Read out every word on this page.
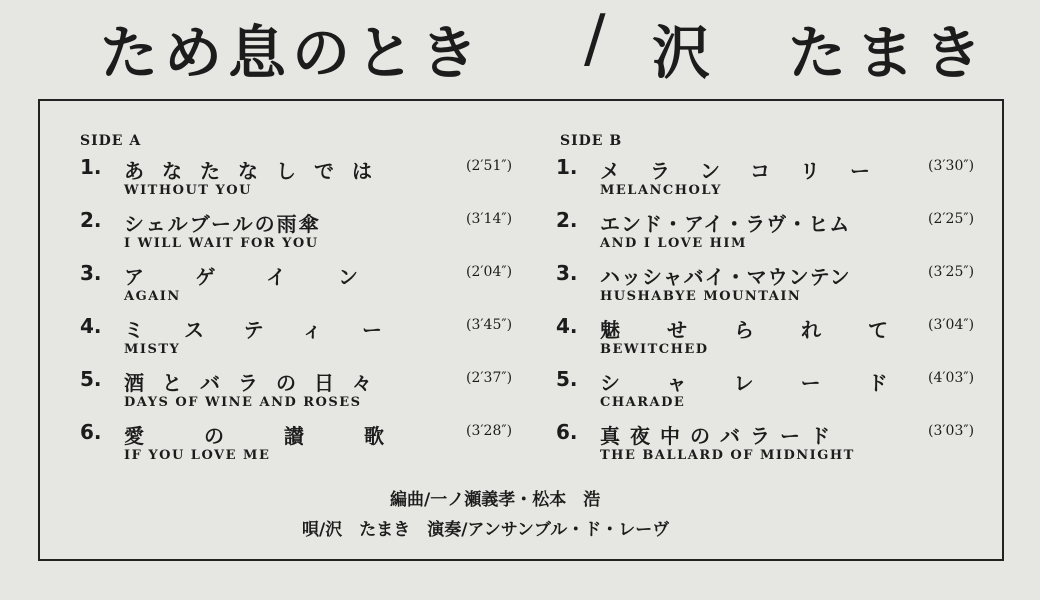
ため息のとき / 沢　たまき
SIDE A
1. あなたなしでは
WITHOUT YOU
(2′51″)
2. シェルブールの雨傘
I WILL WAIT FOR YOU
(3′14″)
3. アゲイン
AGAIN
(2′04″)
4. ミスティー
MISTY
(3′45″)
5. 酒とバラの日々
DAYS OF WINE AND ROSES
(2′37″)
6. 愛の讃歌
IF YOU LOVE ME
(3′28″)
SIDE B
1. メランコリー
MELANCHOLY
(3′30″)
2. エンド・アイ・ラヴ・ヒム
AND I LOVE HIM
(2′25″)
3. ハッシャバイ・マウンテン
HUSHABYE MOUNTAIN
(3′25″)
4. 魅せられて
BEWITCHED
(3′04″)
5. シャレード
CHARADE
(4′03″)
6. 真夜中のバラード
THE BALLARD OF MIDNIGHT
(3′03″)
編曲/一ノ瀬義孝・松本　浩
唄/沢　たまき　演奏/アンサンブル・ド・レーヴ
